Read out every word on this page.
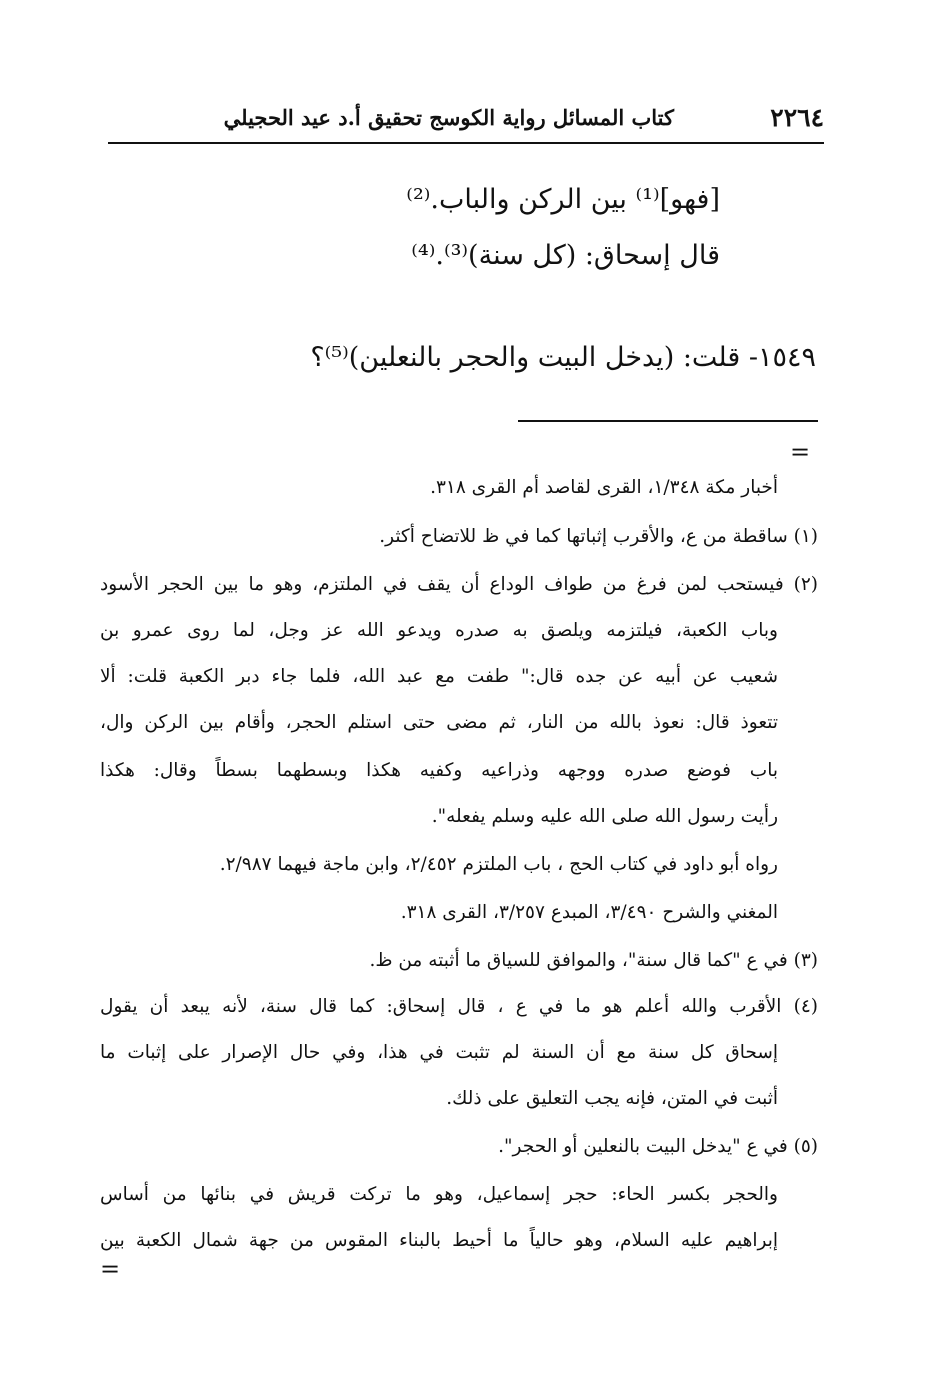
٢٢٦٤
كتاب المسائل رواية الكوسج تحقيق أ.د عيد الحجيلي
[فهو]⁽¹⁾ بين الركن والباب.⁽²⁾
قال إسحاق: (كل سنة)⁽³⁾.⁽⁴⁾
١٥٤٩- قلت: (يدخل البيت والحجر بالنعلين)⁽⁵⁾؟
=
أخبار مكة ١/٣٤٨، القرى لقاصد أم القرى ٣١٨.
(١) ساقطة من ع، والأقرب إثباتها كما في ظ للاتضاح أكثر.
(٢) فيستحب لمن فرغ من طواف الوداع أن يقف في الملتزم، وهو ما بين الحجر الأسود
وباب الكعبة، فيلتزمه ويلصق به صدره ويدعو الله عز وجل، لما روى عمرو بن
شعيب عن أبيه عن جده قال:" طفت مع عبد الله، فلما جاء دبر الكعبة قلت: ألا
تتعوذ قال: نعوذ بالله من النار، ثم مضى حتى استلم الحجر، وأقام بين الركن وال،
باب فوضع صدره ووجهه وذراعيه وكفيه هكذا وبسطهما بسطاً وقال: هكذا
رأيت رسول الله صلى الله عليه وسلم يفعله".
رواه أبو داود في كتاب الحج ، باب الملتزم ٢/٤٥٢، وابن ماجة فيهما ٢/٩٨٧.
المغني والشرح ٣/٤٩٠، المبدع ٣/٢٥٧، القرى ٣١٨.
(٣) في ع "كما قال سنة"، والموافق للسياق ما أثبته من ظ.
(٤) الأقرب والله أعلم هو ما في ع ، قال إسحاق: كما قال سنة، لأنه يبعد أن يقول
إسحاق كل سنة مع أن السنة لم تثبت في هذا، وفي حال الإصرار على إثبات ما
أثبت في المتن، فإنه يجب التعليق على ذلك.
(٥) في ع "يدخل البيت بالنعلين أو الحجر".
والحجر بكسر الحاء: حجر إسماعيل، وهو ما تركت قريش في بنائها من أساس
إبراهيم عليه السلام، وهو حالياً ما أحيط بالبناء المقوس من جهة شمال الكعبة بين
=
